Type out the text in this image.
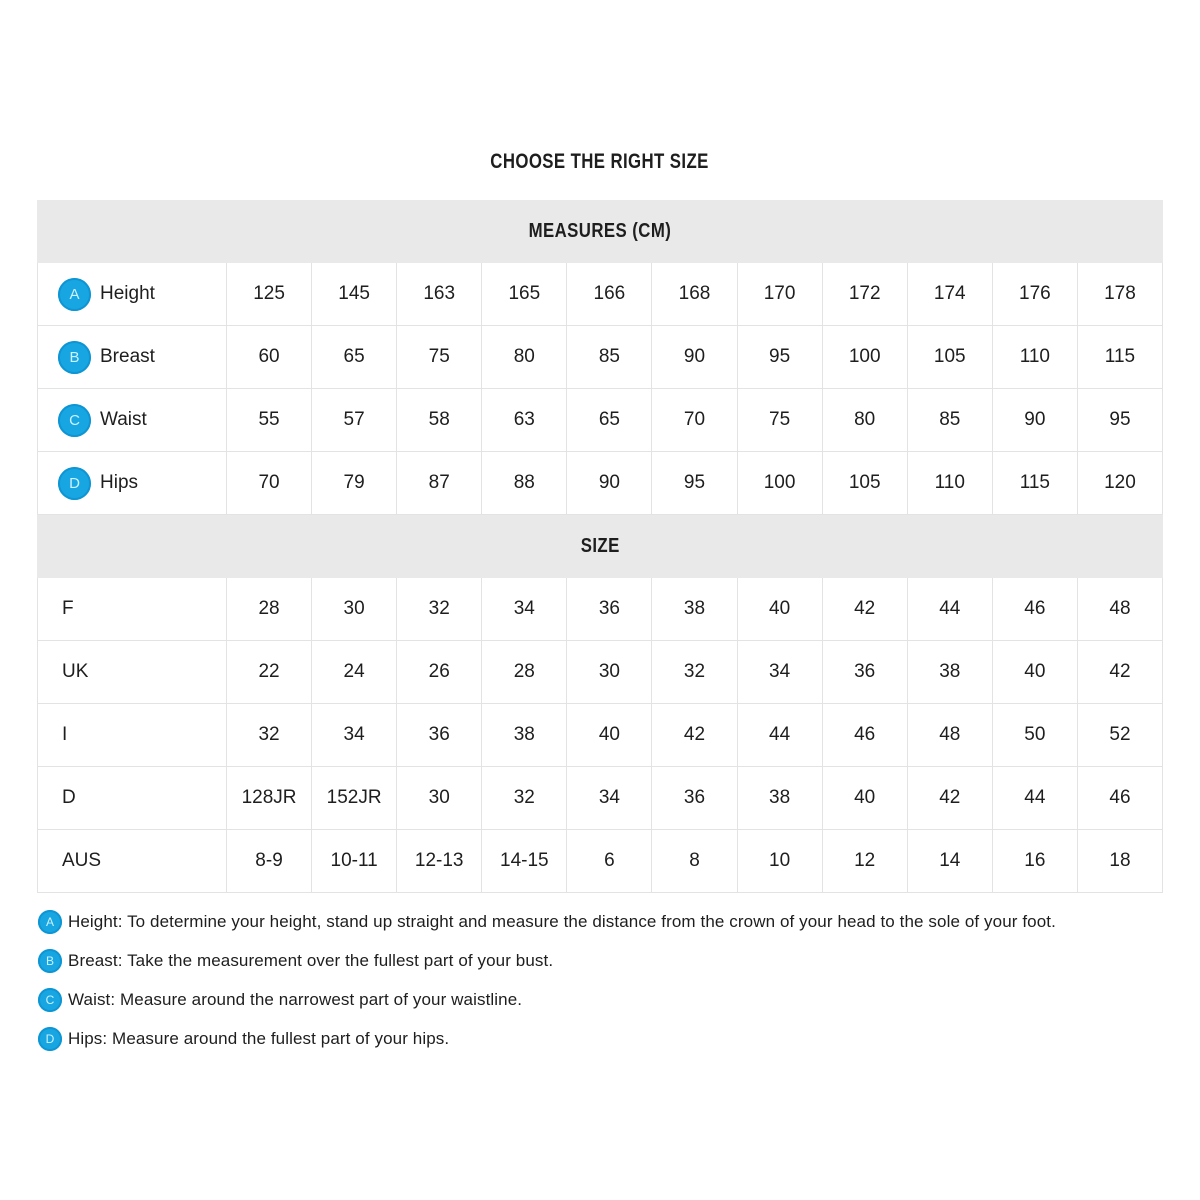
CHOOSE THE RIGHT SIZE
MEASURES (CM)
A	Height	125	145	163	165	166	168	170	172	174	176	178
B	Breast	60	65	75	80	85	90	95	100	105	110	115
C	Waist	55	57	58	63	65	70	75	80	85	90	95
D	Hips	70	79	87	88	90	95	100	105	110	115	120
SIZE
F	28	30	32	34	36	38	40	42	44	46	48
UK	22	24	26	28	30	32	34	36	38	40	42
I	32	34	36	38	40	42	44	46	48	50	52
D	128JR	152JR	30	32	34	36	38	40	42	44	46
AUS	8-9	10-11	12-13	14-15	6	8	10	12	14	16	18
A Height: To determine your height, stand up straight and measure the distance from the crown of your head to the sole of your foot.
B Breast: Take the measurement over the fullest part of your bust.
C Waist: Measure around the narrowest part of your waistline.
D Hips: Measure around the fullest part of your hips.
